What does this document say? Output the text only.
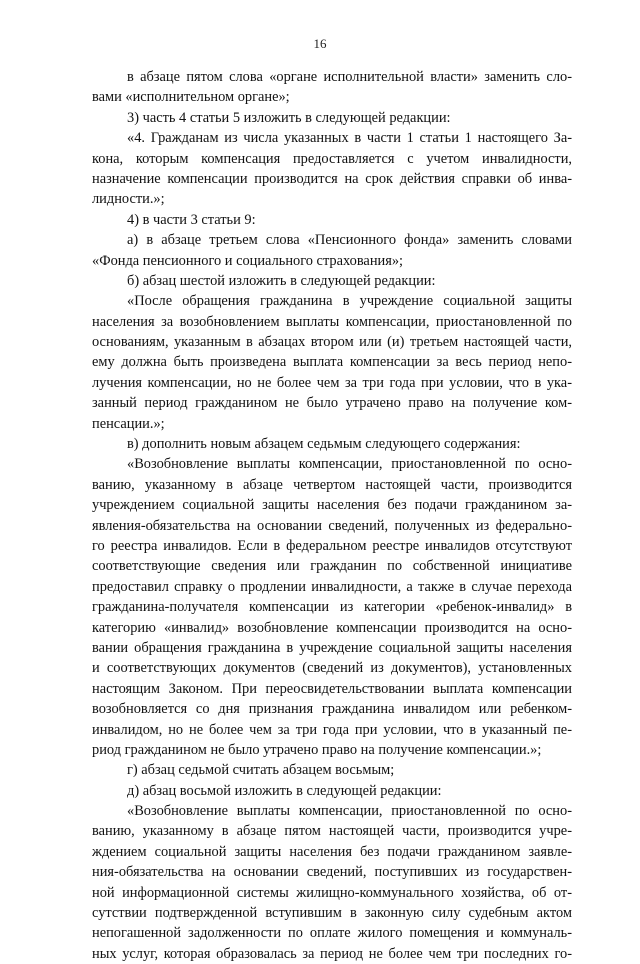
16
в абзаце пятом слова «органе исполнительной власти» заменить сло-
вами «исполнительном органе»;
3) часть 4 статьи 5 изложить в следующей редакции:
«4. Гражданам из числа указанных в части 1 статьи 1 настоящего За-
кона, которым компенсация предоставляется с учетом инвалидности,
назначение компенсации производится на срок действия справки об инва-
лидности.»;
4) в части 3 статьи 9:
а) в абзаце третьем слова «Пенсионного фонда» заменить словами
«Фонда пенсионного и социального страхования»;
б) абзац шестой изложить в следующей редакции:
«После обращения гражданина в учреждение социальной защиты
населения за возобновлением выплаты компенсации, приостановленной по
основаниям, указанным в абзацах втором или (и) третьем настоящей части,
ему должна быть произведена выплата компенсации за весь период непо-
лучения компенсации, но не более чем за три года при условии, что в ука-
занный период гражданином не было утрачено право на получение ком-
пенсации.»;
в) дополнить новым абзацем седьмым следующего содержания:
«Возобновление выплаты компенсации, приостановленной по осно-
ванию, указанному в абзаце четвертом настоящей части, производится
учреждением социальной защиты населения без подачи гражданином за-
явления-обязательства на основании сведений, полученных из федерально-
го реестра инвалидов. Если в федеральном реестре инвалидов отсутствуют
соответствующие сведения или гражданин по собственной инициативе
предоставил справку о продлении инвалидности, а также в случае перехода
гражданина-получателя компенсации из категории «ребенок-инвалид» в
категорию «инвалид» возобновление компенсации производится на осно-
вании обращения гражданина в учреждение социальной защиты населения
и соответствующих документов (сведений из документов), установленных
настоящим Законом. При переосвидетельствовании выплата компенсации
возобновляется со дня признания гражданина инвалидом или ребенком-
инвалидом, но не более чем за три года при условии, что в указанный пе-
риод гражданином не было утрачено право на получение компенсации.»;
г) абзац седьмой считать абзацем восьмым;
д) абзац восьмой изложить в следующей редакции:
«Возобновление выплаты компенсации, приостановленной по осно-
ванию, указанному в абзаце пятом настоящей части, производится учре-
ждением социальной защиты населения без подачи гражданином заявле-
ния-обязательства на основании сведений, поступивших из государствен-
ной информационной системы жилищно-коммунального хозяйства, об от-
сутствии подтвержденной вступившим в законную силу судебным актом
непогашенной задолженности по оплате жилого помещения и коммуналь-
ных услуг, которая образовалась за период не более чем три последних го-
